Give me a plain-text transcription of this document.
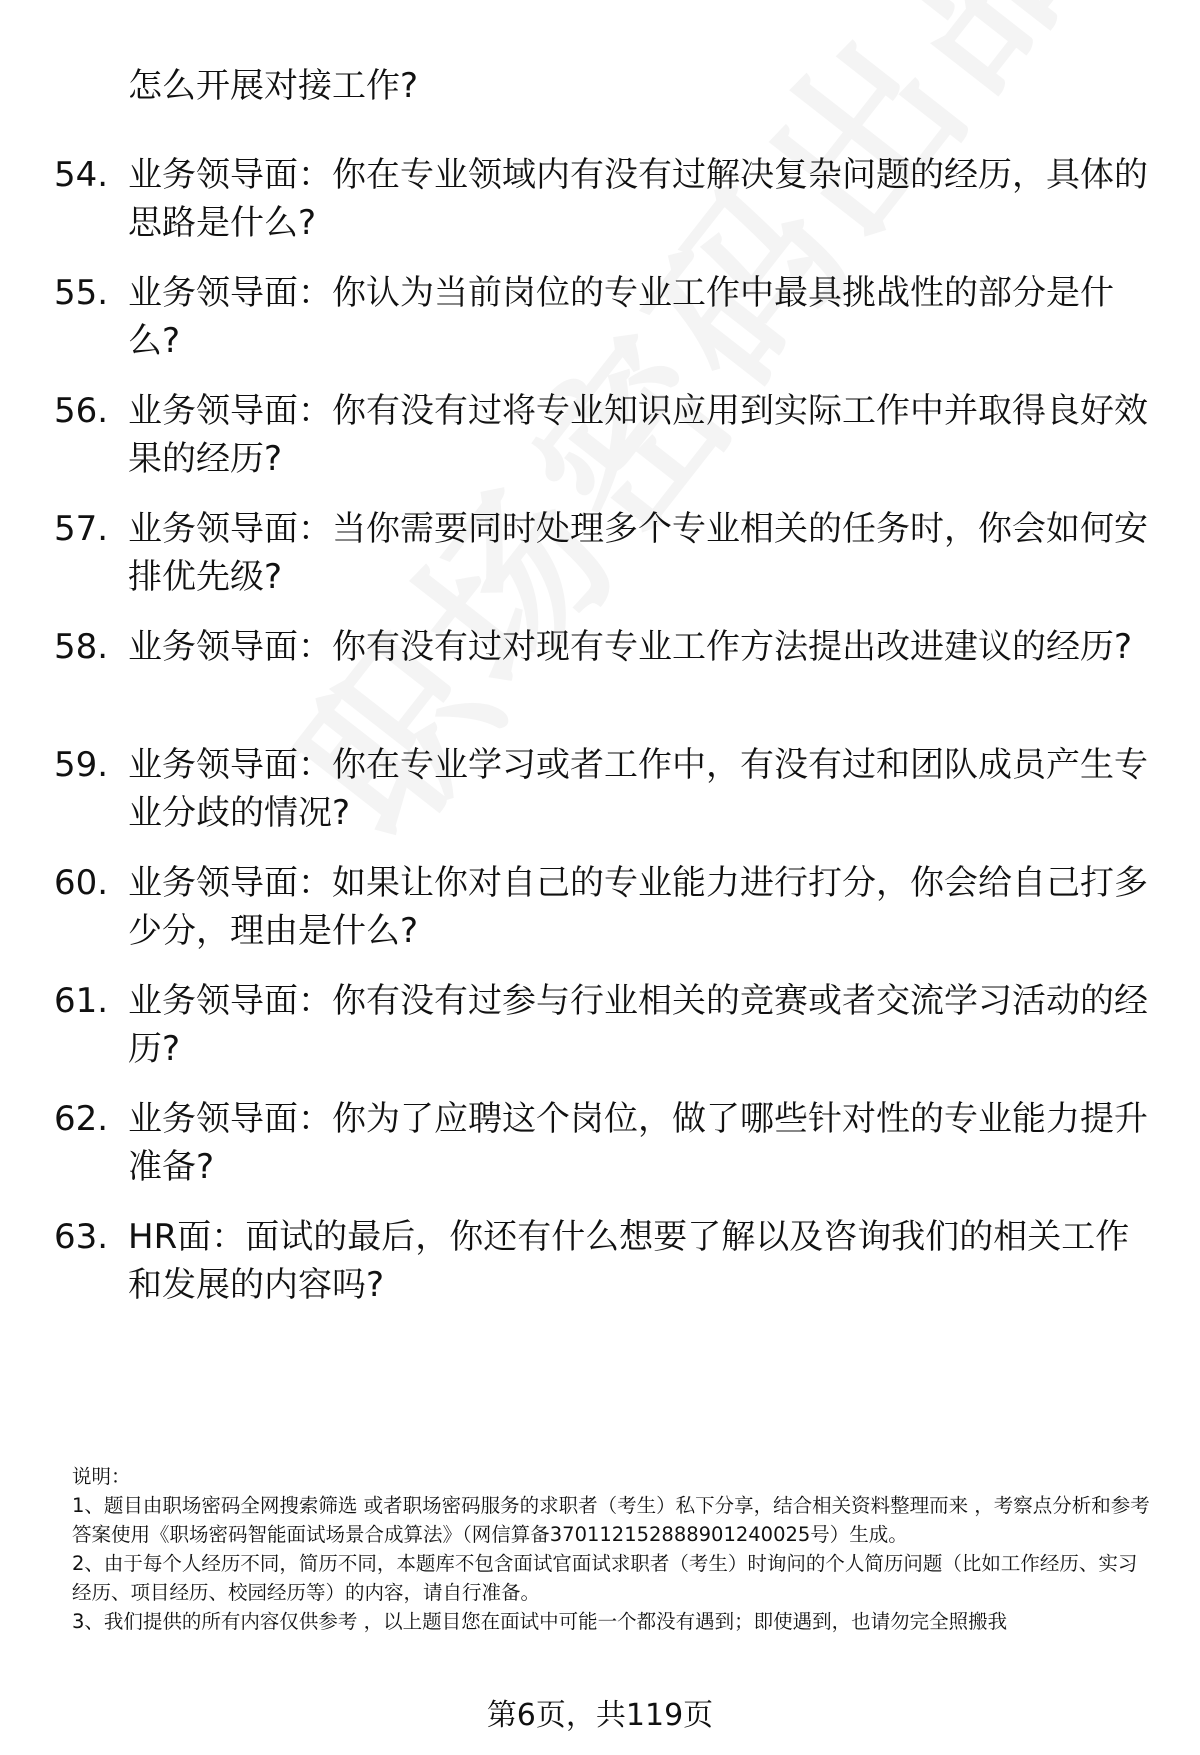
怎么开展对接工作?
54. 业务领导面：你在专业领域内有没有过解决复杂问题的经历，具体的思路是什么?
55. 业务领导面：你认为当前岗位的专业工作中最具挑战性的部分是什么?
56. 业务领导面：你有没有过将专业知识应用到实际工作中并取得良好效果的经历?
57. 业务领导面：当你需要同时处理多个专业相关的任务时，你会如何安排优先级?
58. 业务领导面：你有没有过对现有专业工作方法提出改进建议的经历?
59. 业务领导面：你在专业学习或者工作中，有没有过和团队成员产生专业分歧的情况?
60. 业务领导面：如果让你对自己的专业能力进行打分，你会给自己打多少分，理由是什么?
61. 业务领导面：你有没有过参与行业相关的竞赛或者交流学习活动的经历?
62. 业务领导面：你为了应聘这个岗位，做了哪些针对性的专业能力提升准备?
63. HR面：面试的最后，你还有什么想要了解以及咨询我们的相关工作和发展的内容吗?

说明：

1、题目由职场密码全网搜索筛选 或者职场密码服务的求职者（考生）私下分享，结合相关资料整理而来 ，考察点分析和参考答案使用《职场密码智能面试场景合成算法》（网信算备370112152888901240025号）生成。

2、由于每个人经历不同，简历不同，本题库不包含面试官面试求职者（考生）时询问的个人简历问题（比如工作经历、实习经历、项目经历、校园经历等）的内容，请自行准备。

3、我们提供的所有内容仅供参考 ，以上题目您在面试中可能一个都没有遇到；即使遇到，也请勿完全照搬我

第6页，共119页
